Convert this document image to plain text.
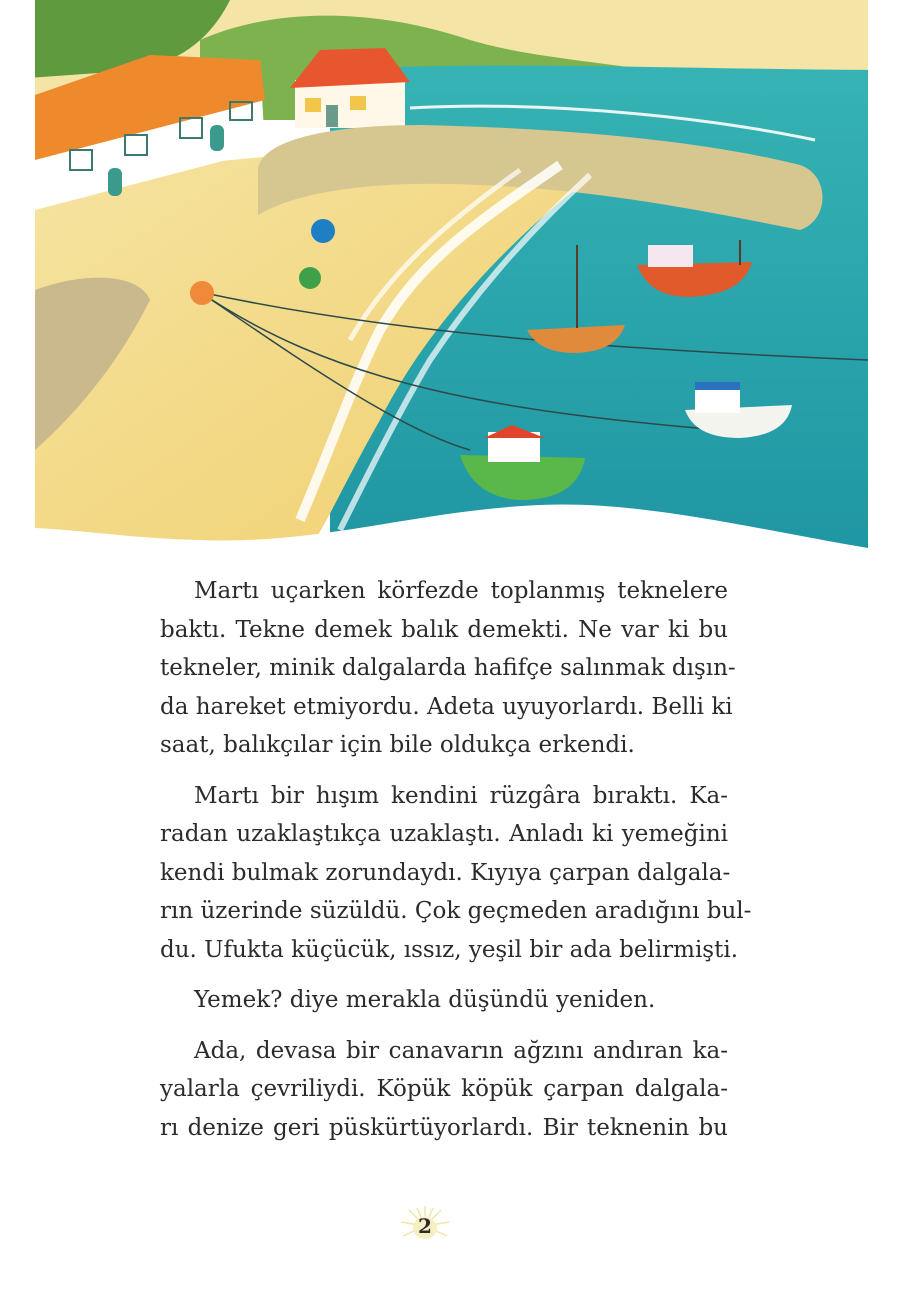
Martı uçarken körfezde toplanmış teknelere
baktı. Tekne demek balık demekti. Ne var ki bu
tekneler, minik dalgalarda hafifçe salınmak dışın-
da hareket etmiyordu. Adeta uyuyorlardı. Belli ki
saat, balıkçılar için bile oldukça erkendi.
Martı bir hışım kendini rüzgâra bıraktı. Ka-
radan uzaklaştıkça uzaklaştı. Anladı ki yemeğini
kendi bulmak zorundaydı. Kıyıya çarpan dalgala-
rın üzerinde süzüldü. Çok geçmeden aradığını bul-
du. Ufukta küçücük, ıssız, yeşil bir ada belirmişti.
Yemek? diye merakla düşündü yeniden.
Ada, devasa bir canavarın ağzını andıran ka-
yalarla çevriliydi. Köpük köpük çarpan dalgala-
rı denize geri püskürtüyorlardı. Bir teknenin bu
2
